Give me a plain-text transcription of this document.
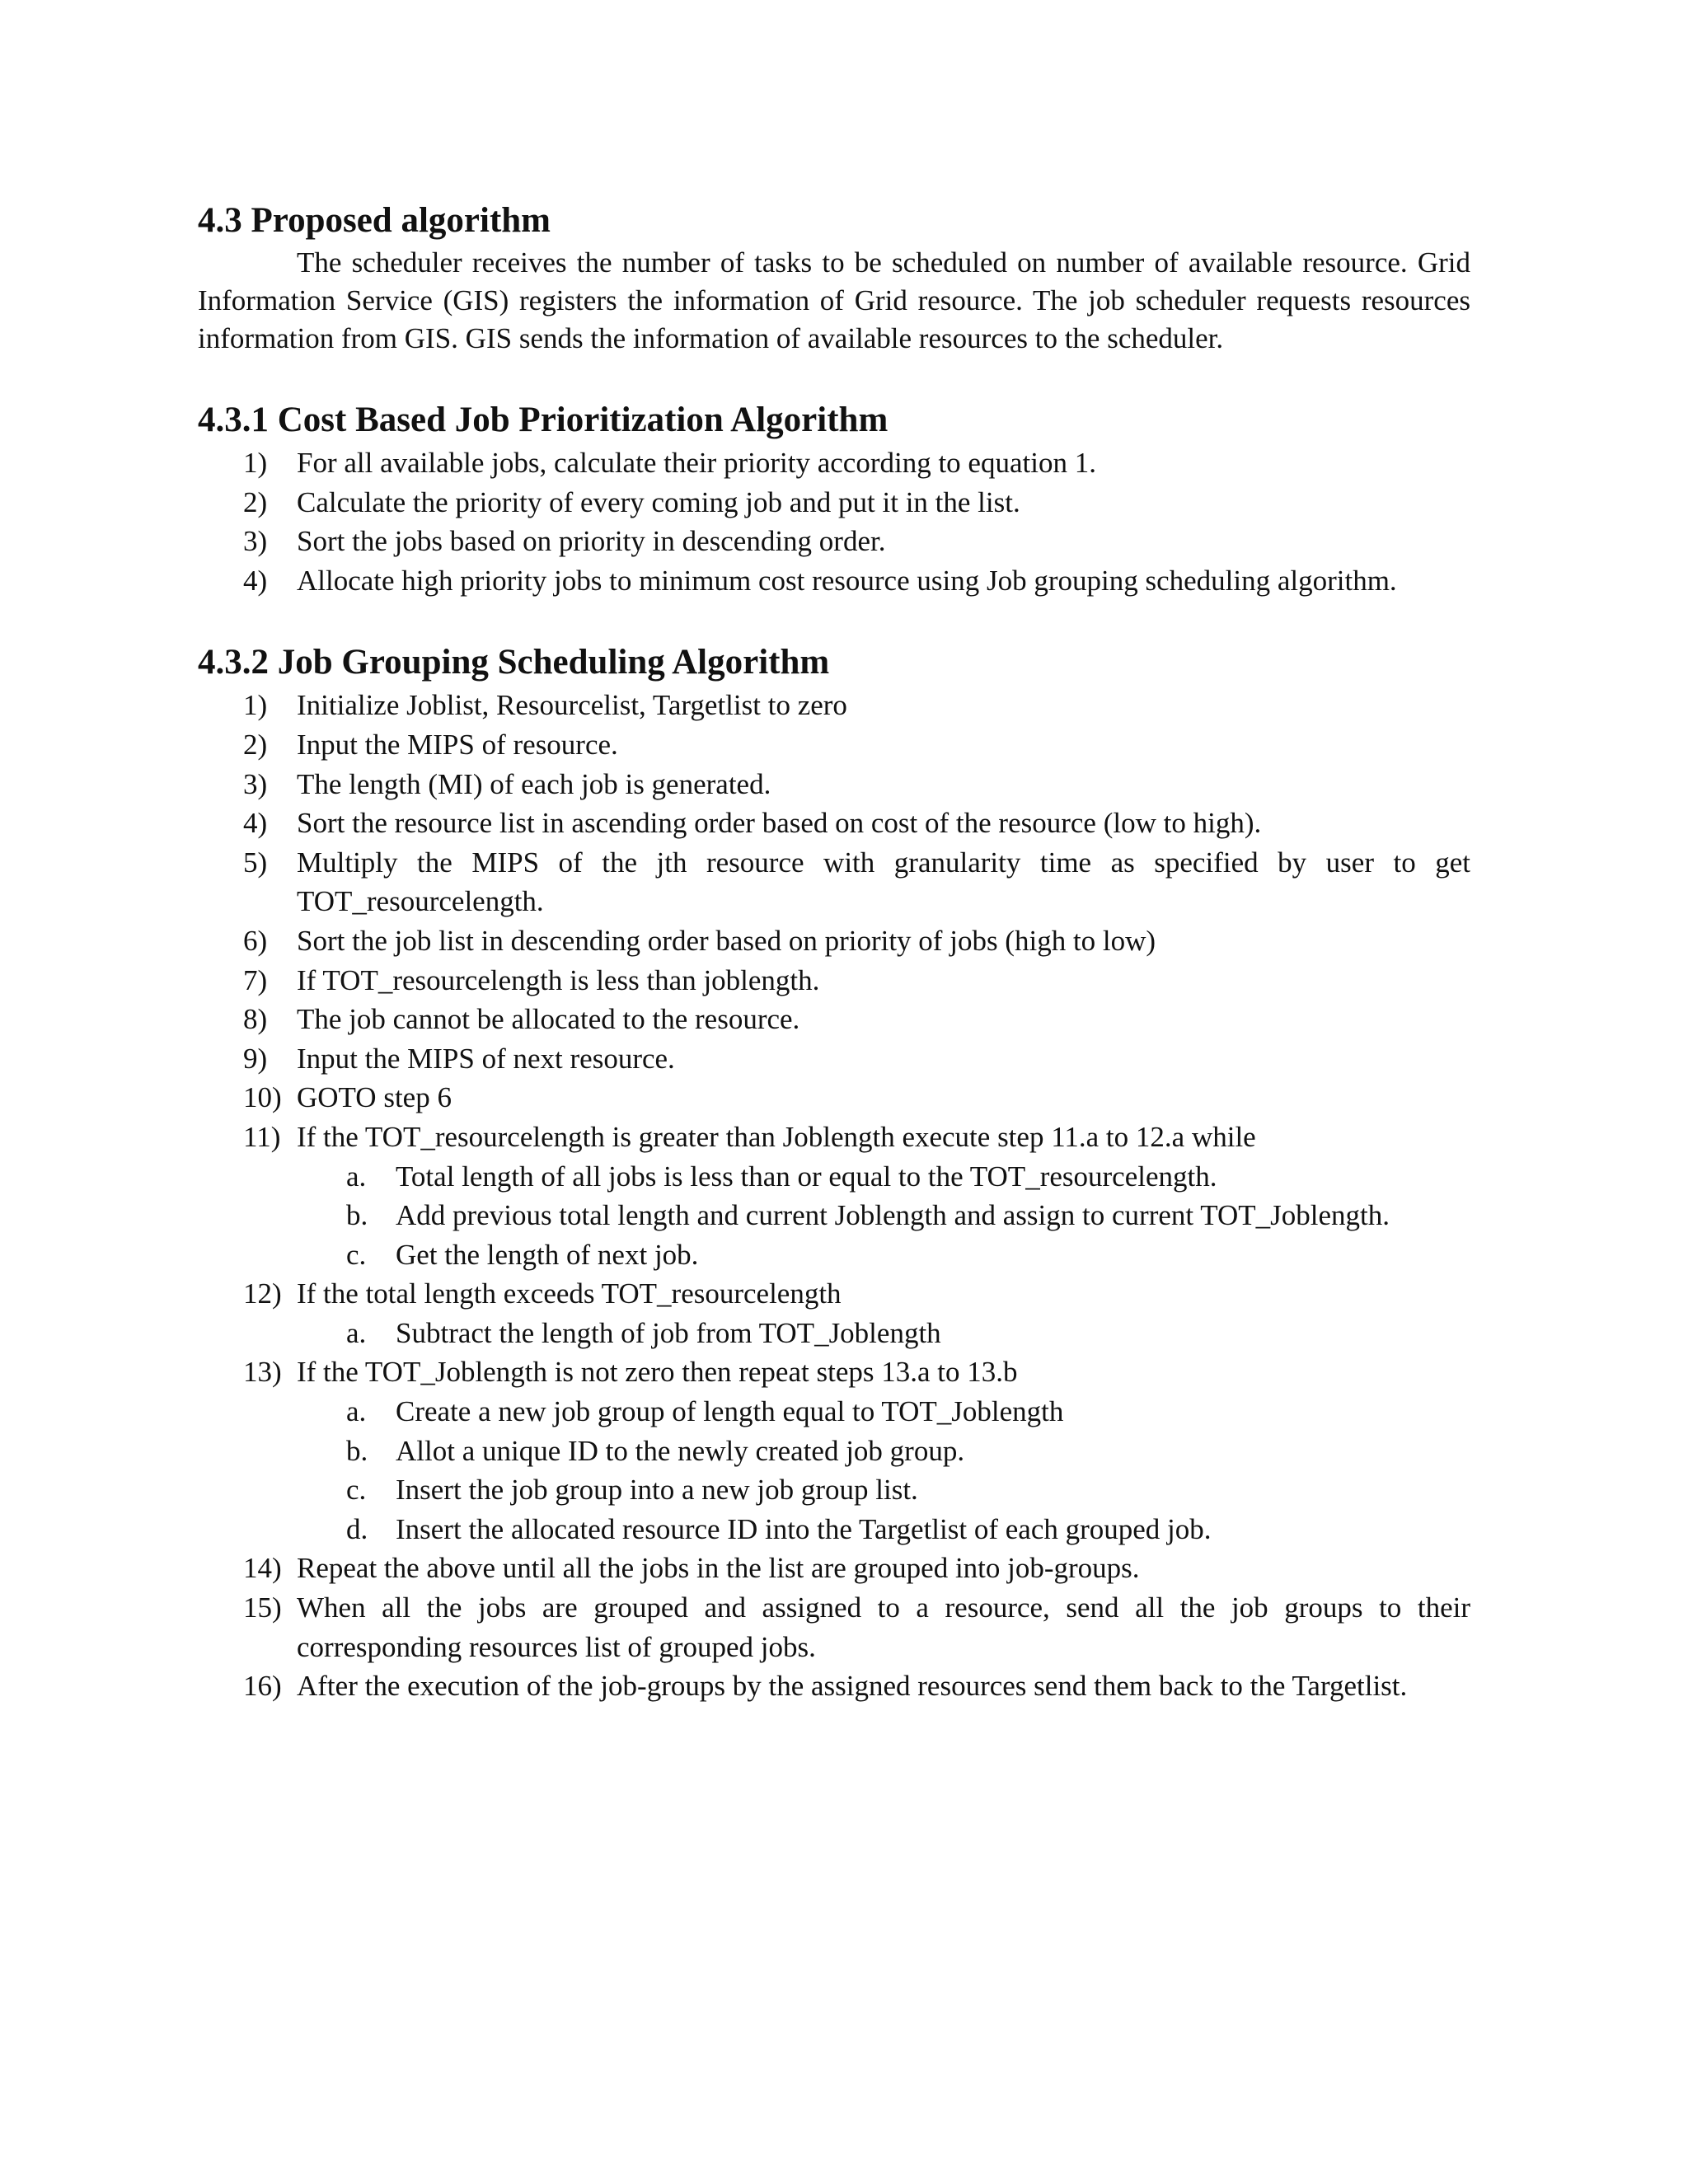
4.3 Proposed algorithm

The scheduler receives the number of tasks to be scheduled on number of available resource. Grid Information Service (GIS) registers the information of Grid resource. The job scheduler requests resources information from GIS. GIS sends the information of available resources to the scheduler.

4.3.1 Cost Based Job Prioritization Algorithm
1) For all available jobs, calculate their priority according to equation 1.
2) Calculate the priority of every coming job and put it in the list.
3) Sort the jobs based on priority in descending order.
4) Allocate high priority jobs to minimum cost resource using Job grouping scheduling algorithm.
4.3.2 Job Grouping Scheduling Algorithm
1) Initialize Joblist, Resourcelist, Targetlist to zero
2) Input the MIPS of resource.
3) The length (MI) of each job is generated.
4) Sort the resource list in ascending order based on cost of the resource (low to high).
5) Multiply the MIPS of the jth resource with granularity time as specified by user to get TOT_resourcelength.
6) Sort the job list in descending order based on priority of jobs (high to low)
7) If TOT_resourcelength is less than joblength.
8) The job cannot be allocated to the resource.
9) Input the MIPS of next resource.
10) GOTO step 6
11) If the TOT_resourcelength is greater than Joblength execute step 11.a to 12.a while
a. Total length of all jobs is less than or equal to the TOT_resourcelength.
b. Add previous total length and current Joblength and assign to current TOT_Joblength.
c. Get the length of next job.
12) If the total length exceeds TOT_resourcelength
a. Subtract the length of job from TOT_Joblength
13) If the TOT_Joblength is not zero then repeat steps 13.a to 13.b
a. Create a new job group of length equal to TOT_Joblength
b. Allot a unique ID to the newly created job group.
c. Insert the job group into a new job group list.
d. Insert the allocated resource ID into the Targetlist of each grouped job.
14) Repeat the above until all the jobs in the list are grouped into job-groups.
15) When all the jobs are grouped and assigned to a resource, send all the job groups to their corresponding resources list of grouped jobs.
16) After the execution of the job-groups by the assigned resources send them back to the Targetlist.
